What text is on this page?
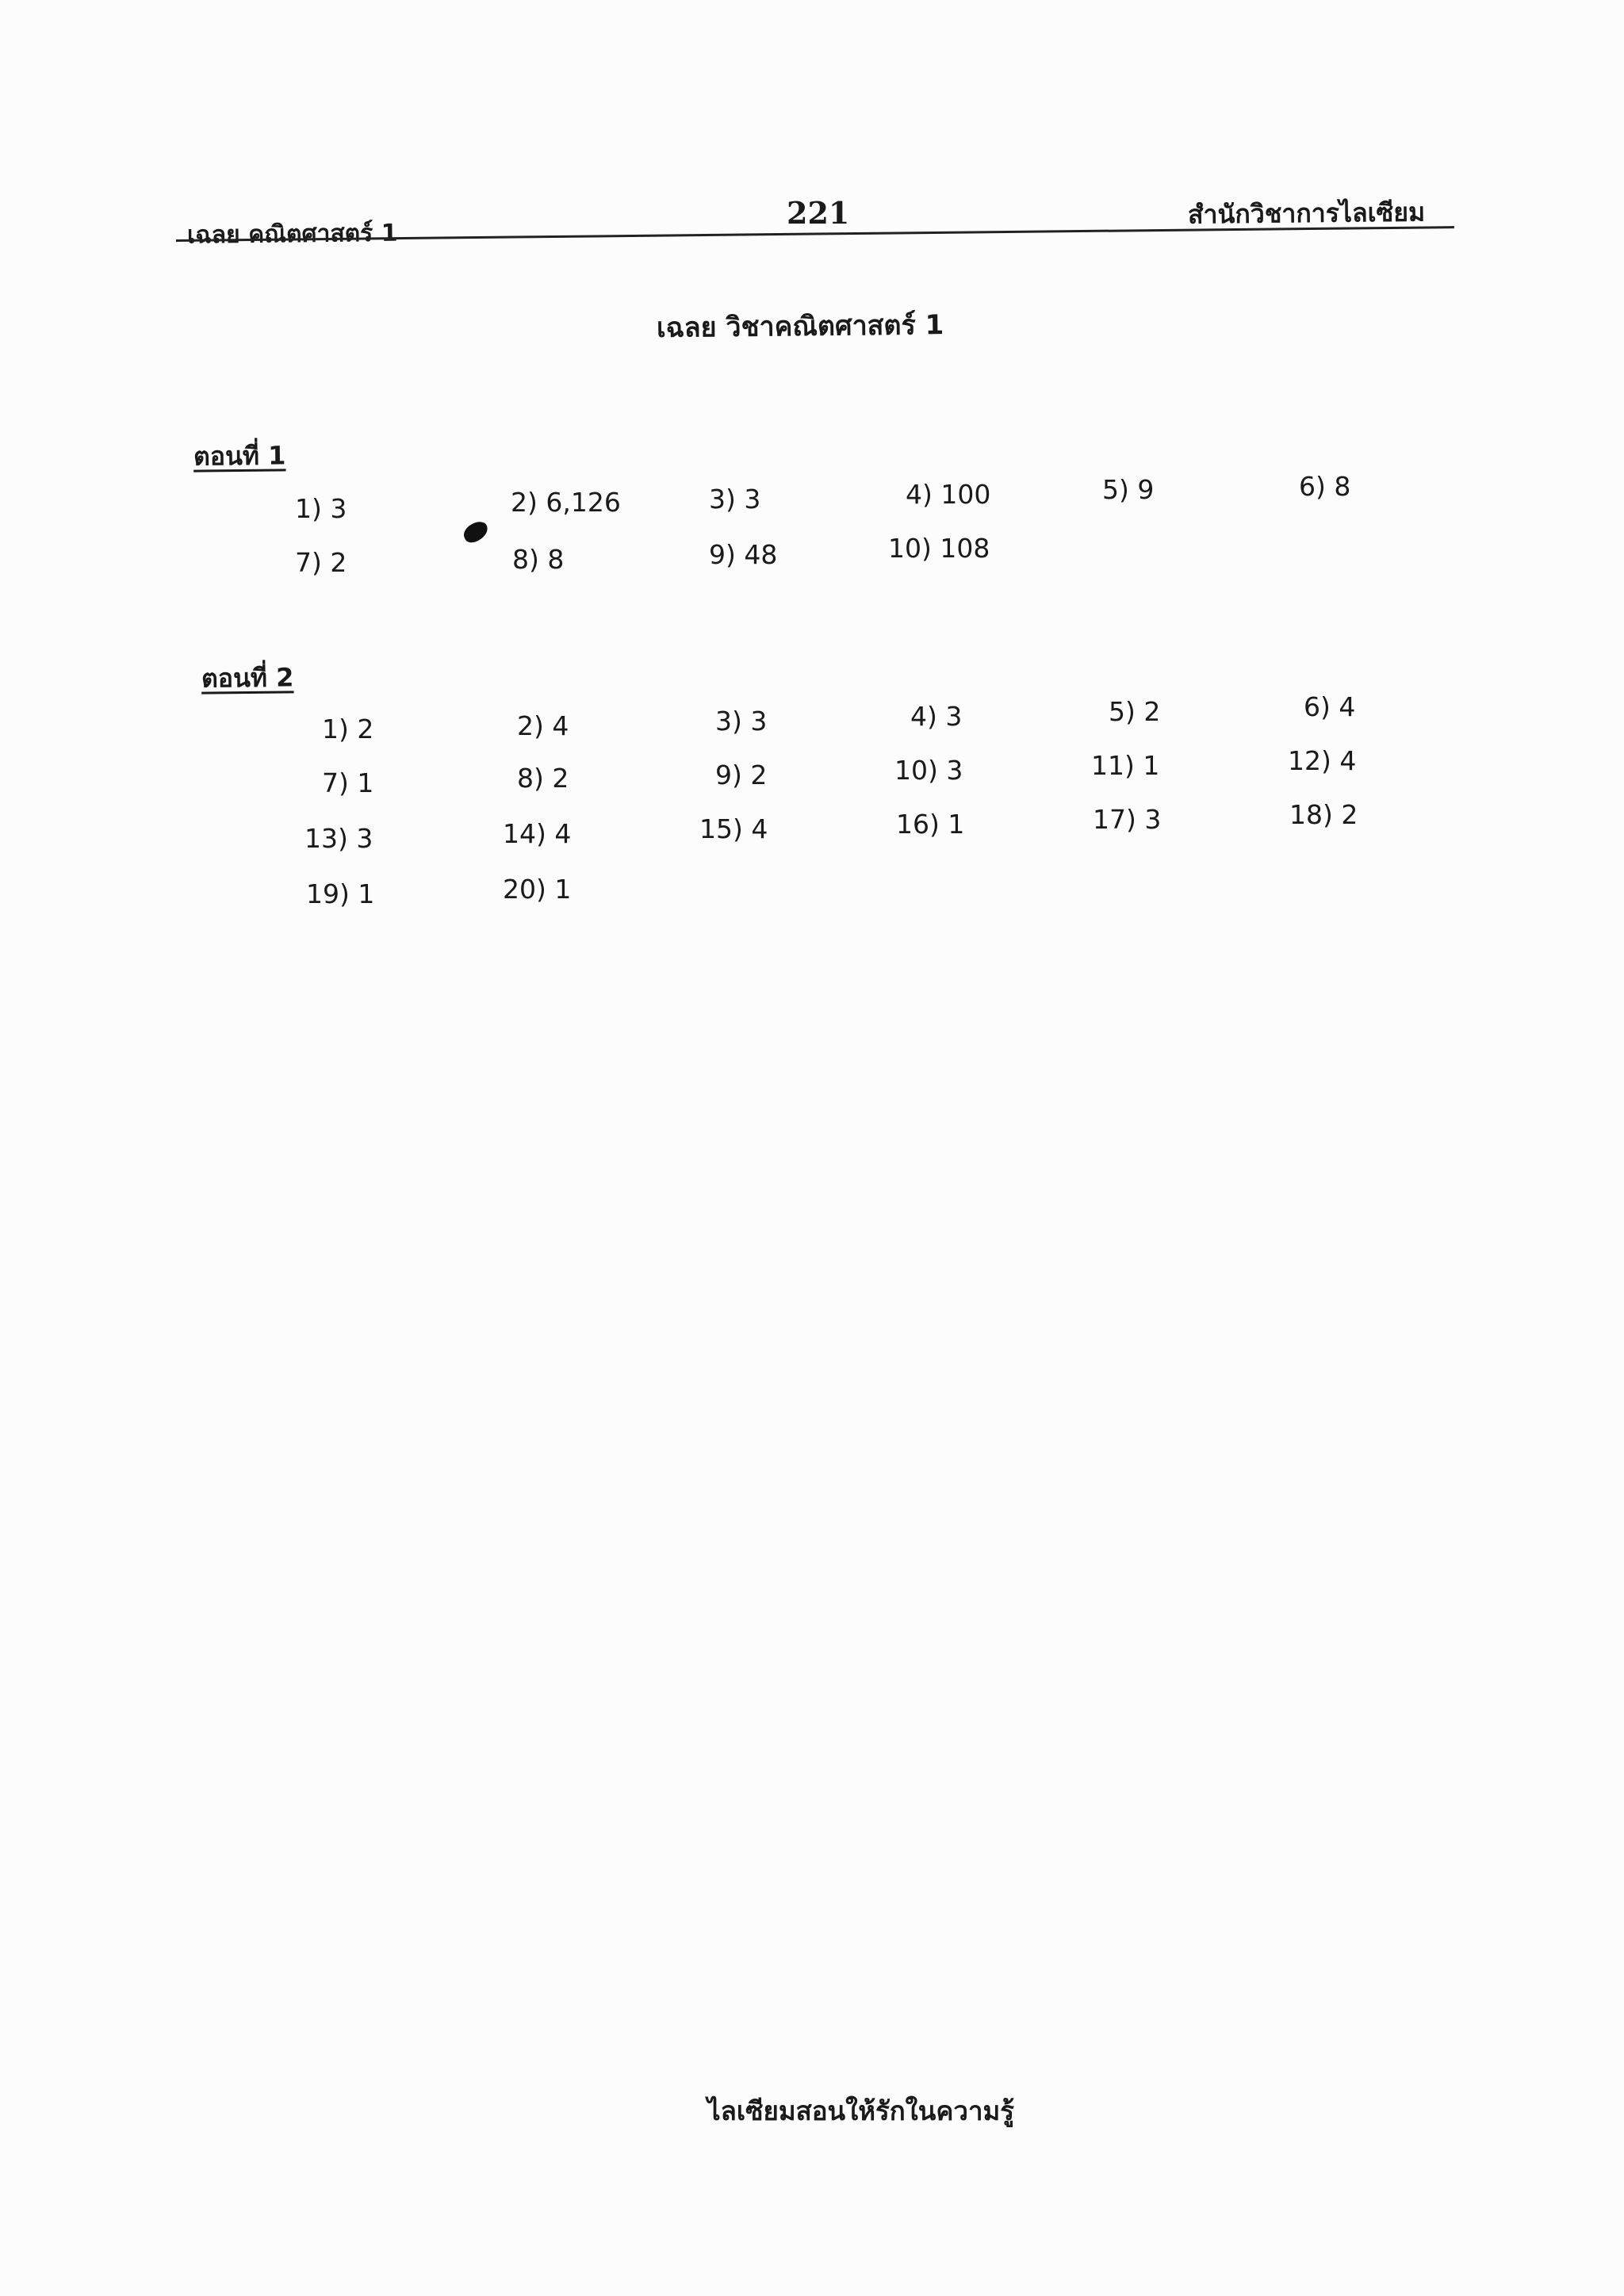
เฉลย คณิตศาสตร์ 1
221	สำนักวิชาการไลเซียม
เฉลย วิชาคณิตศาสตร์ 1
ตอนที่ 1
1) 3	2) 6,126	3) 3	4) 100	5) 9	6) 8
7) 2	8) 8	9) 48	10) 108
ตอนที่ 2
1) 2	2) 4	3) 3	4) 3	5) 2	6) 4
7) 1	8) 2	9) 2	10) 3	11) 1	12) 4
13) 3	14) 4	15) 4	16) 1	17) 3	18) 2
19) 1	20) 1
ไลเซียมสอนให้รักในความรู้
